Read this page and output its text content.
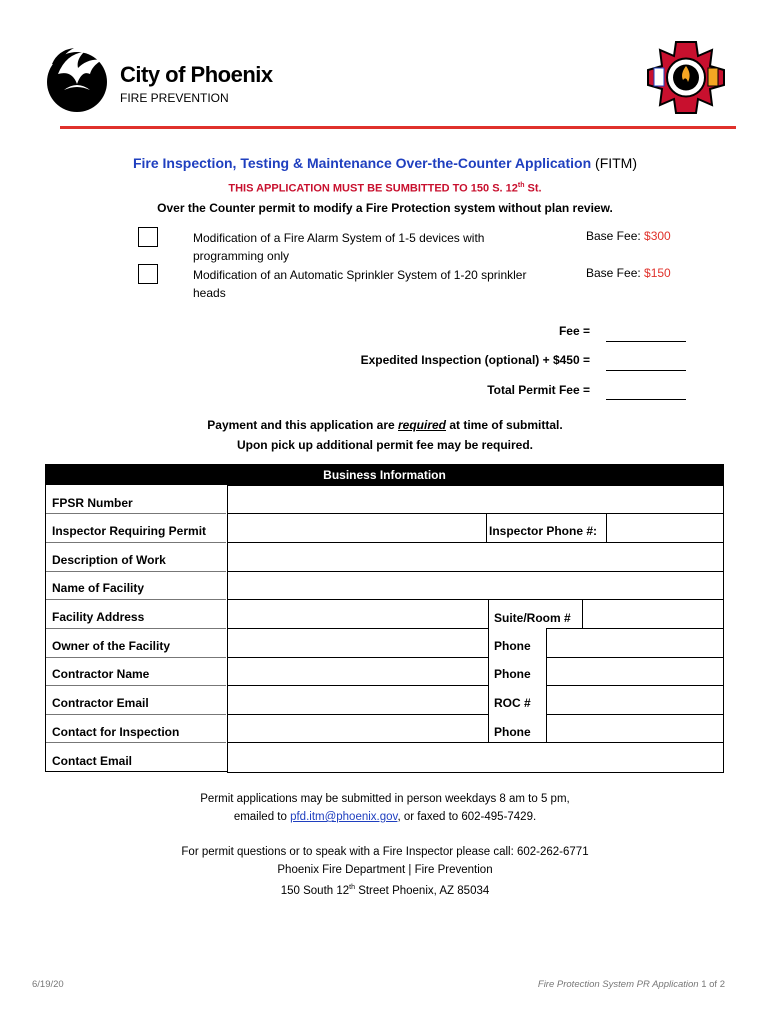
City of Phoenix
FIRE PREVENTION
Fire Inspection, Testing & Maintenance Over-the-Counter Application (FITM)
THIS APPLICATION MUST BE SUMBITTED TO 150 S. 12th St.
Over the Counter permit to modify a Fire Protection system without plan review.
Modification of a Fire Alarm System of 1-5 devices with programming only
Base Fee: $300
Modification of an Automatic Sprinkler System of 1-20 sprinkler heads
Base Fee: $150
Fee =
Expedited Inspection (optional) + $450 =
Total Permit Fee =
Payment and this application are required at time of submittal.
Upon pick up additional permit fee may be required.
Business Information
FPSR Number
Inspector Requiring Permit	Inspector Phone #:
Description of Work
Name of Facility
Facility Address	Suite/Room #
Owner of the Facility	Phone
Contractor Name	Phone
Contractor Email	ROC #
Contact for Inspection	Phone
Contact Email
Permit applications may be submitted in person weekdays 8 am to 5 pm,
emailed to pfd.itm@phoenix.gov, or faxed to 602-495-7429.
For permit questions or to speak with a Fire Inspector please call: 602-262-6771
Phoenix Fire Department | Fire Prevention
150 South 12th Street Phoenix, AZ 85034
6/19/20	Fire Protection System PR Application 1 of 2
